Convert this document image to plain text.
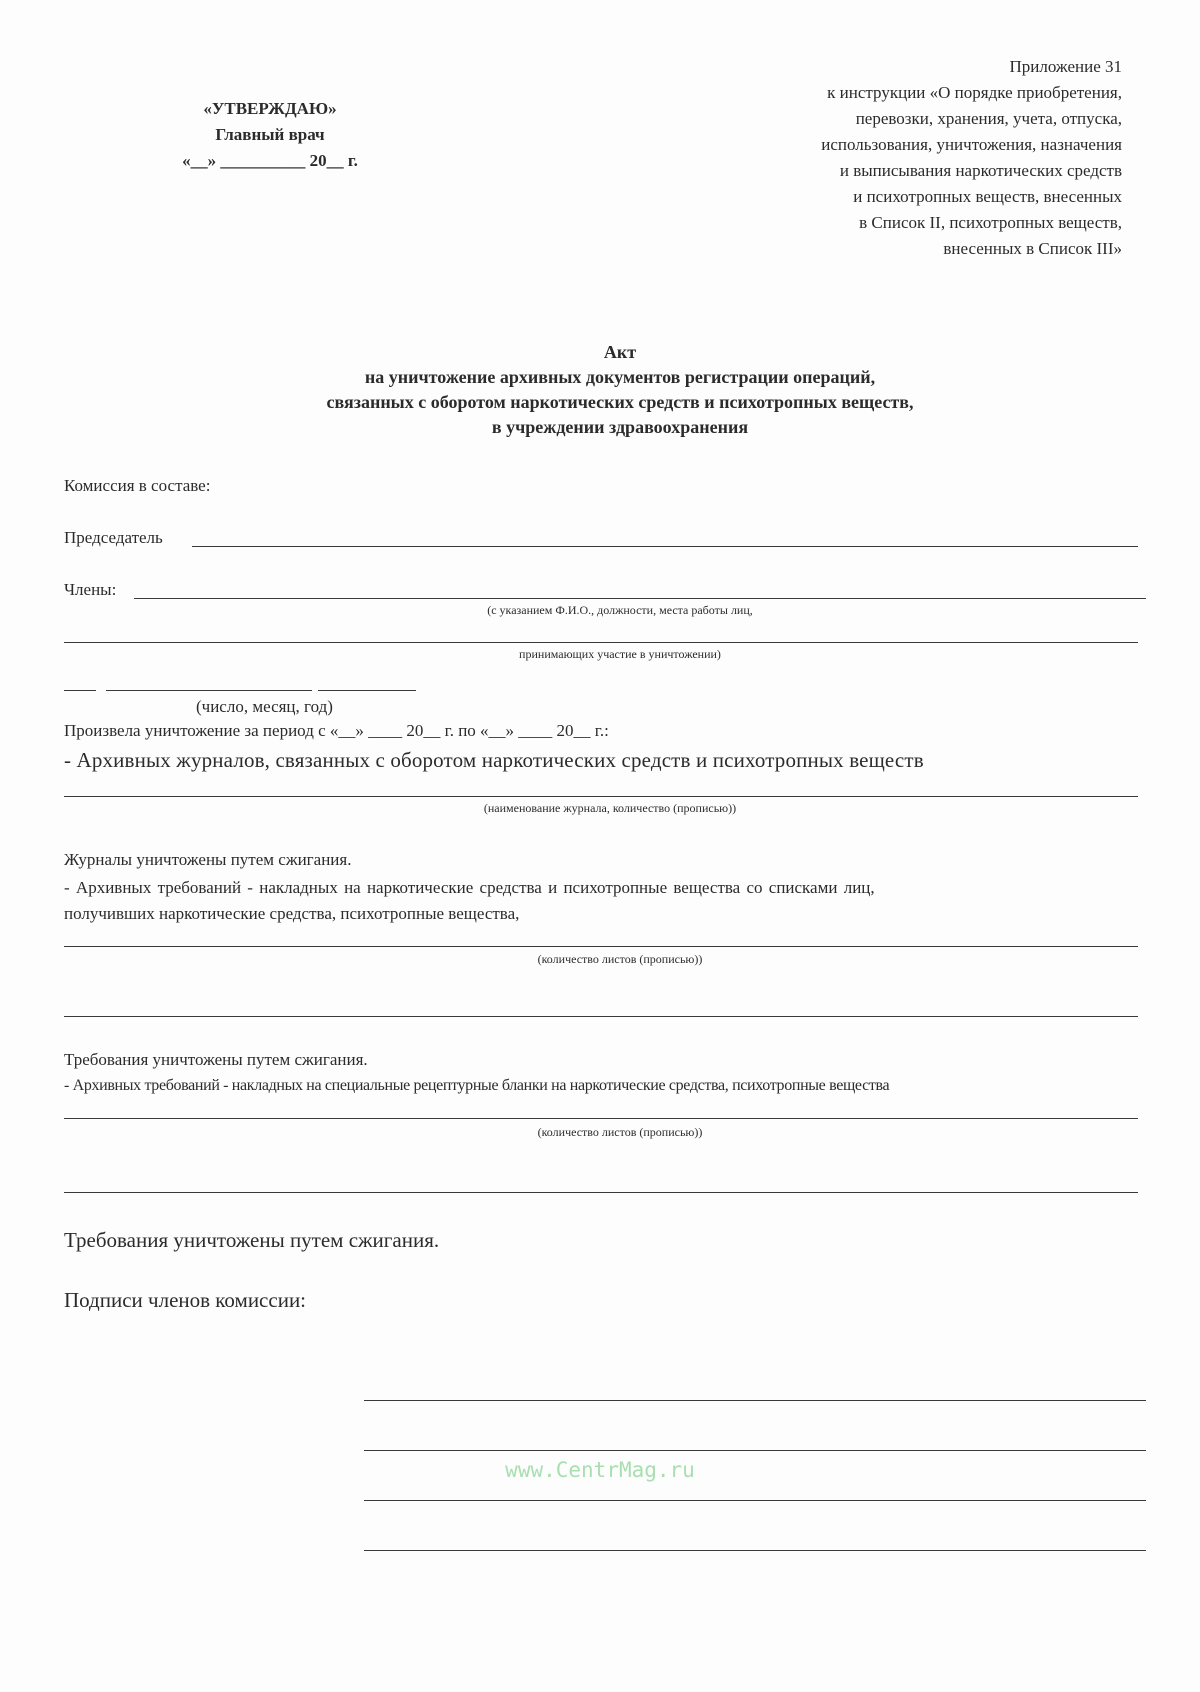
«УТВЕРЖДАЮ»
Главный врач
«__» __________ 20__ г.
Приложение 31
к инструкции «О порядке приобретения,
перевозки, хранения, учета, отпуска,
использования, уничтожения, назначения
и выписывания наркотических средств
и психотропных веществ, внесенных
в Список II, психотропных веществ,
внесенных в Список III»
Акт
на уничтожение архивных документов регистрации операций,
связанных с оборотом наркотических средств и психотропных веществ,
в учреждении здравоохранения
Комиссия в составе:
Председатель
Члены:
(с указанием Ф.И.О., должности, места работы лиц,
принимающих участие в уничтожении)
(число, месяц, год)
Произвела уничтожение за период с «__» ____ 20__ г. по «__» ____ 20__ г.:
- Архивных журналов, связанных с оборотом наркотических средств и психотропных веществ
(наименование журнала, количество (прописью))
Журналы уничтожены путем сжигания.
- Архивных требований - накладных на наркотические средства и психотропные вещества со списками лиц,
получивших наркотические средства, психотропные вещества,
(количество листов (прописью))
Требования уничтожены путем сжигания.
- Архивных требований - накладных на специальные рецептурные бланки на наркотические средства, психотропные вещества
(количество листов (прописью))
Требования уничтожены путем сжигания.
Подписи членов комиссии:
www.CentrMag.ru
